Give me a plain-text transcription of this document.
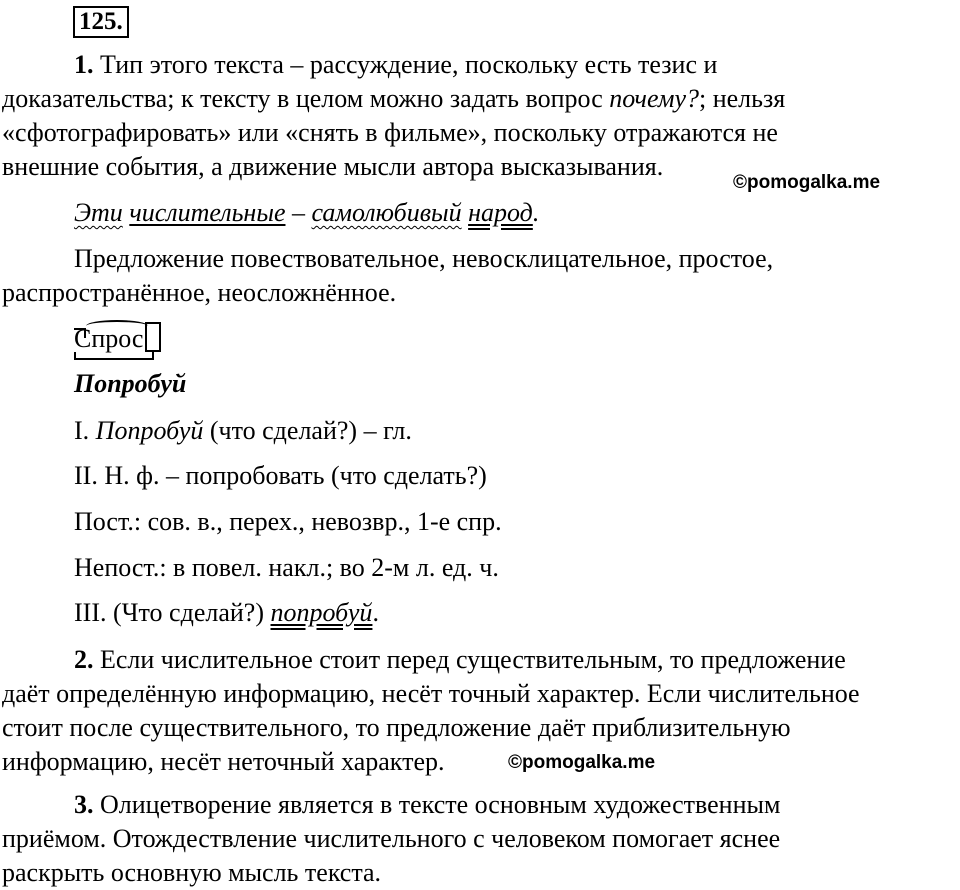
125.
1. Тип этого текста – рассуждение, поскольку есть тезис и
доказательства; к тексту в целом можно задать вопрос почему?; нельзя
«сфотографировать» или «снять в фильме», поскольку отражаются не
внешние события, а движение мысли автора высказывания.
©pomogalka.me
Эти числительные – самолюбивый народ.
Предложение повествовательное, невосклицательное, простое,
распространённое, неосложнённое.
Спрос
Попробуй
I. Попробуй (что сделай?) – гл.
II. Н. ф. – попробовать (что сделать?)
Пост.: сов. в., перех., невозвр., 1-е спр.
Непост.: в повел. накл.; во 2-м л. ед. ч.
III. (Что сделай?) попробуй.
2. Если числительное стоит перед существительным, то предложение
даёт определённую информацию, несёт точный характер. Если числительное
стоит после существительного, то предложение даёт приблизительную
информацию, несёт неточный характер.	©pomogalka.me
3. Олицетворение является в тексте основным художественным
приёмом. Отождествление числительного с человеком помогает яснее
раскрыть основную мысль текста.
